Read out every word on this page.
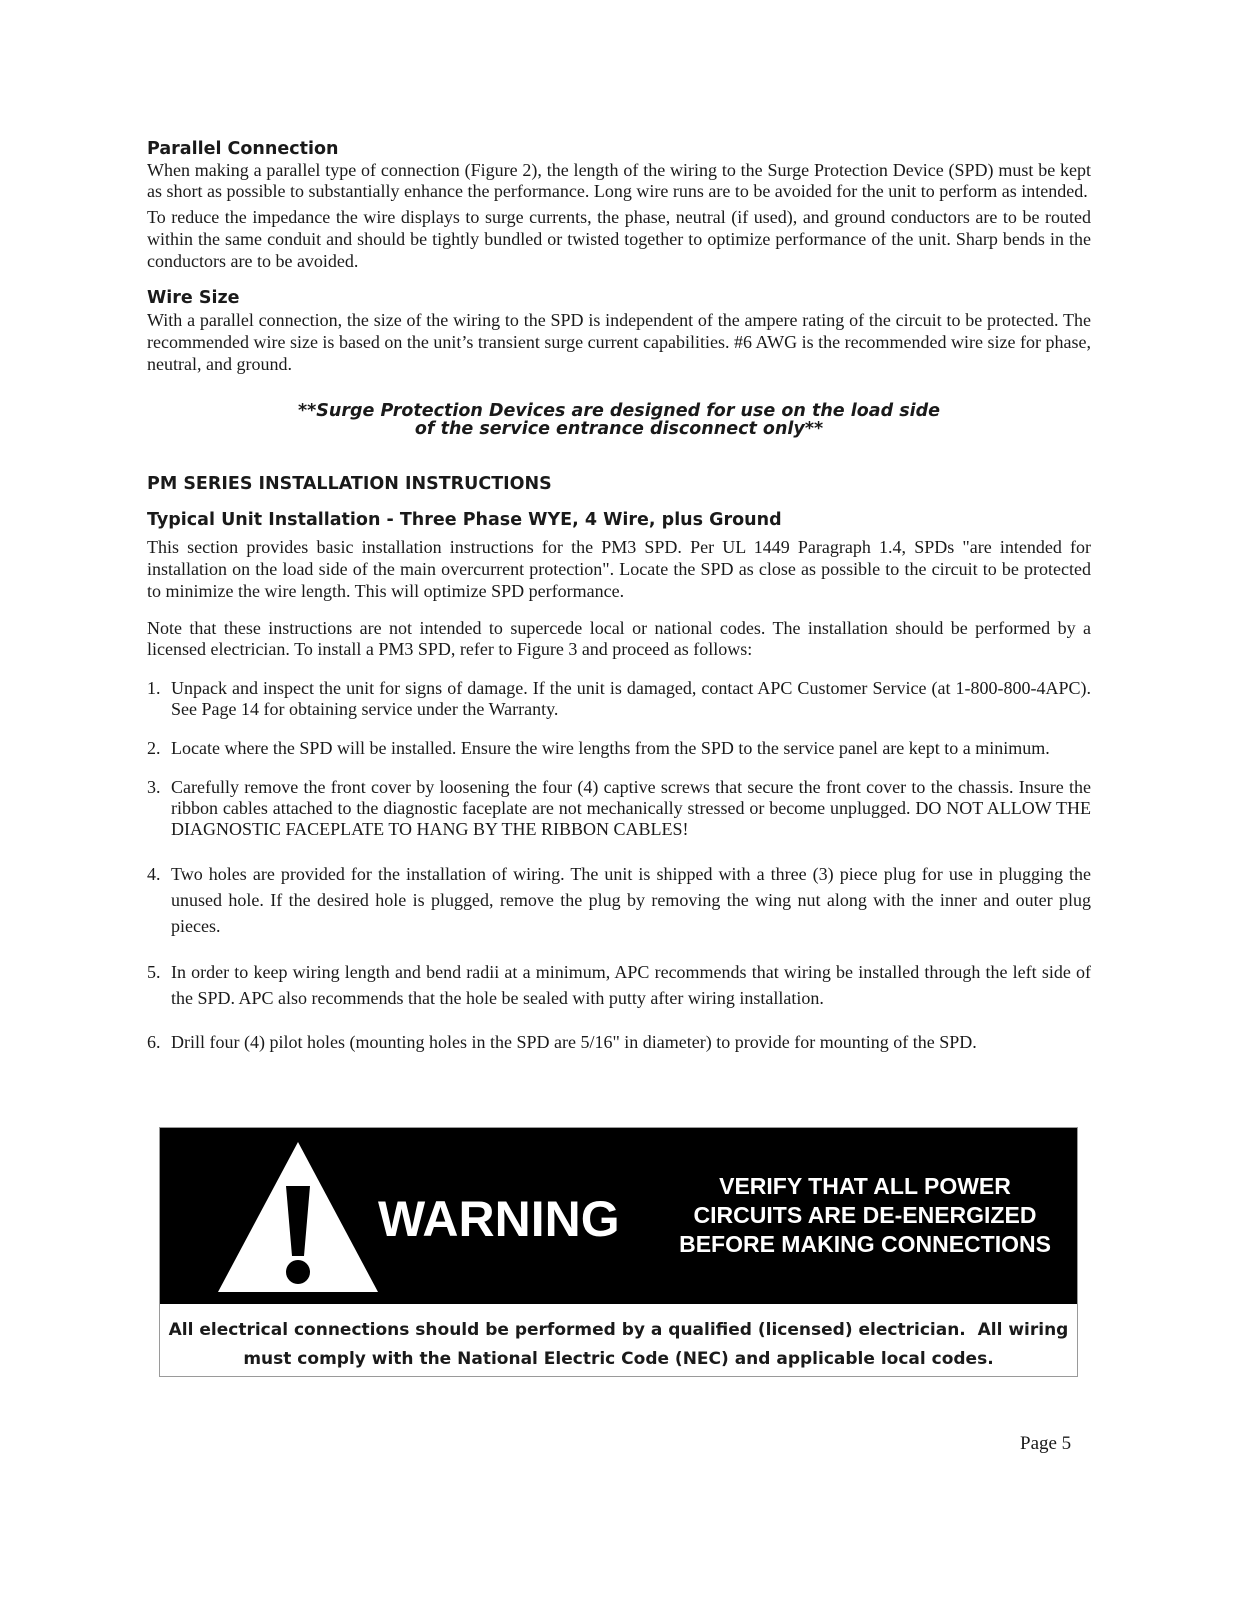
Parallel Connection

When making a parallel type of connection (Figure 2), the length of the wiring to the Surge Protection Device (SPD) must be kept as short as possible to substantially enhance the performance. Long wire runs are to be avoided for the unit to perform as intended.

To reduce the impedance the wire displays to surge currents, the phase, neutral (if used), and ground conductors are to be routed within the same conduit and should be tightly bundled or twisted together to optimize performance of the unit. Sharp bends in the conductors are to be avoided.

Wire Size

With a parallel connection, the size of the wiring to the SPD is independent of the ampere rating of the circuit to be protected. The recommended wire size is based on the unit’s transient surge current capabilities. #6 AWG is the recommended wire size for phase, neutral, and ground.

**Surge Protection Devices are designed for use on the load side

of the service entrance disconnect only**

PM SERIES INSTALLATION INSTRUCTIONS
Typical Unit Installation - Three Phase WYE, 4 Wire, plus Ground

This section provides basic installation instructions for the PM3 SPD. Per UL 1449 Paragraph 1.4, SPDs "are intended for installation on the load side of the main overcurrent protection". Locate the SPD as close as possible to the circuit to be protected to minimize the wire length. This will optimize SPD performance.

Note that these instructions are not intended to supercede local or national codes. The installation should be performed by a licensed electrician. To install a PM3 SPD, refer to Figure 3 and proceed as follows:

1. Unpack and inspect the unit for signs of damage. If the unit is damaged, contact APC Customer Service (at 1-800-800-4APC). See Page 14 for obtaining service under the Warranty.
2. Locate where the SPD will be installed. Ensure the wire lengths from the SPD to the service panel are kept to a minimum.
3. Carefully remove the front cover by loosening the four (4) captive screws that secure the front cover to the chassis. Insure the ribbon cables attached to the diagnostic faceplate are not mechanically stressed or become unplugged. DO NOT ALLOW THE DIAGNOSTIC FACEPLATE TO HANG BY THE RIBBON CABLES!
4. Two holes are provided for the installation of wiring. The unit is shipped with a three (3) piece plug for use in plugging the unused hole. If the desired hole is plugged, remove the plug by removing the wing nut along with the inner and outer plug pieces.
5. In order to keep wiring length and bend radii at a minimum, APC recommends that wiring be installed through the left side of the SPD. APC also recommends that the hole be sealed with putty after wiring installation.
6. Drill four (4) pilot holes (mounting holes in the SPD are 5/16" in diameter) to provide for mounting of the SPD.
WARNING
VERIFY THAT ALL POWER
CIRCUITS ARE DE-ENERGIZED
BEFORE MAKING CONNECTIONS
All electrical connections should be performed by a qualified (licensed) electrician.  All wiring
must comply with the National Electric Code (NEC) and applicable local codes.
Page 5
